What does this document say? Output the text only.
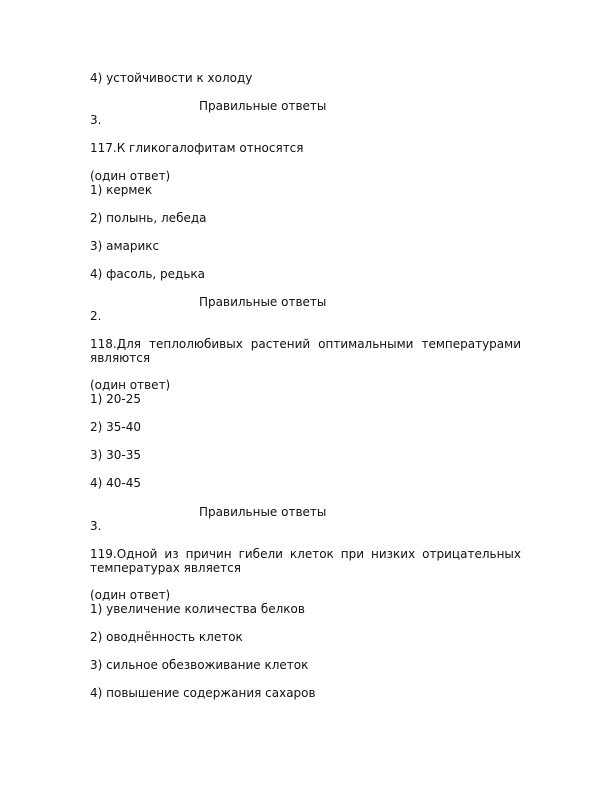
4) устойчивости к холоду
Правильные ответы
3.
117.К гликогалофитам относятся
(один ответ)
1) кермек
2) полынь, лебеда
3) амарикс
4) фасоль, редька
Правильные ответы
2.
118.Для теплолюбивых растений оптимальными температурами являются
(один ответ)
1) 20-25
2) 35-40
3) 30-35
4) 40-45
Правильные ответы
3.
119.Одной из причин гибели клеток при низких отрицательных температурах является
(один ответ)
1) увеличение количества белков
2) оводнённость клеток
3) сильное обезвоживание клеток
4) повышение содержания сахаров
